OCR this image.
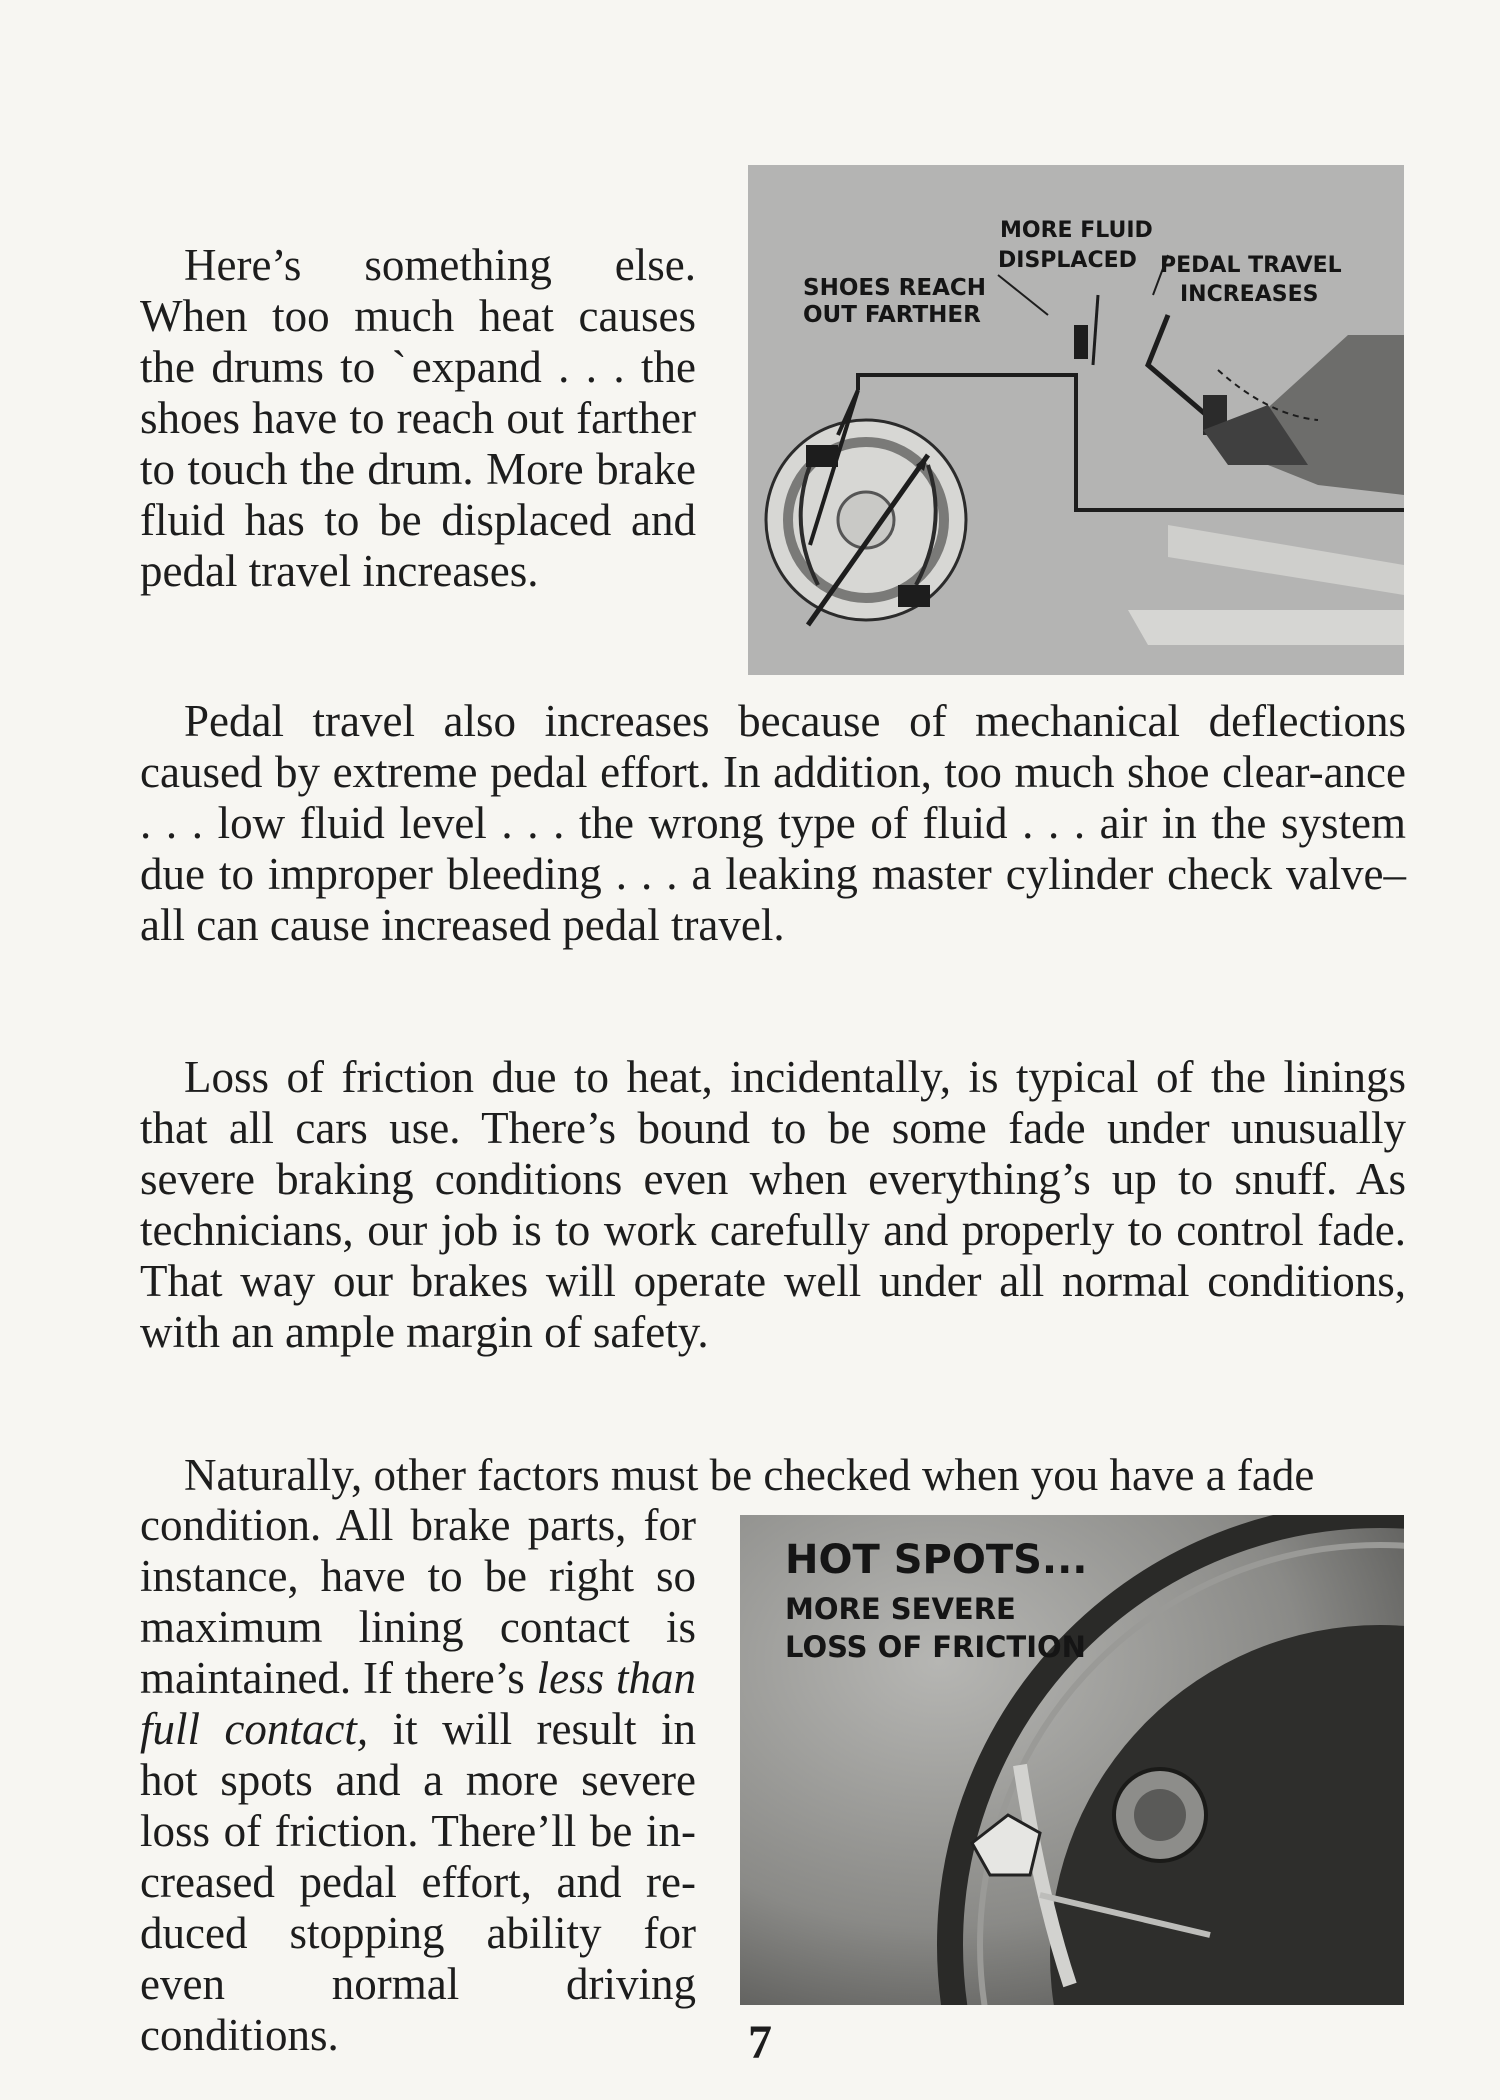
Here’s something else. When too much heat causes the drums to ˋexpand . . . the shoes have to reach out farther to touch the drum. More brake fluid has to be displaced and pedal travel increases.

SHOES REACH
OUT FARTHER
MORE FLUID
DISPLACED PEDAL TRAVEL
INCREASES

Pedal travel also increases because of mechanical deflections caused by extreme pedal effort. In addition, too much shoe clear-ance . . . low fluid level . . . the wrong type of fluid . . . air in the system due to improper bleeding . . . a leaking master cylinder check valve–all can cause increased pedal travel.

Loss of friction due to heat, incidentally, is typical of the linings that all cars use. There’s bound to be some fade under unusually severe braking conditions even when everything’s up to snuff. As technicians, our job is to work carefully and properly to control fade. That way our brakes will operate well under all normal conditions, with an ample margin of safety.

Naturally, other factors must be checked when you have a fade

condition. All brake parts, for instance, have to be right so maximum lining contact is maintained. If there’s less than full contact, it will result in hot spots and a more severe loss of friction. There’ll be in-creased pedal effort, and re-duced stopping ability for even normal driving conditions.

HOT SPOTS...
MORE SEVERE
LOSS OF FRICTION
7
